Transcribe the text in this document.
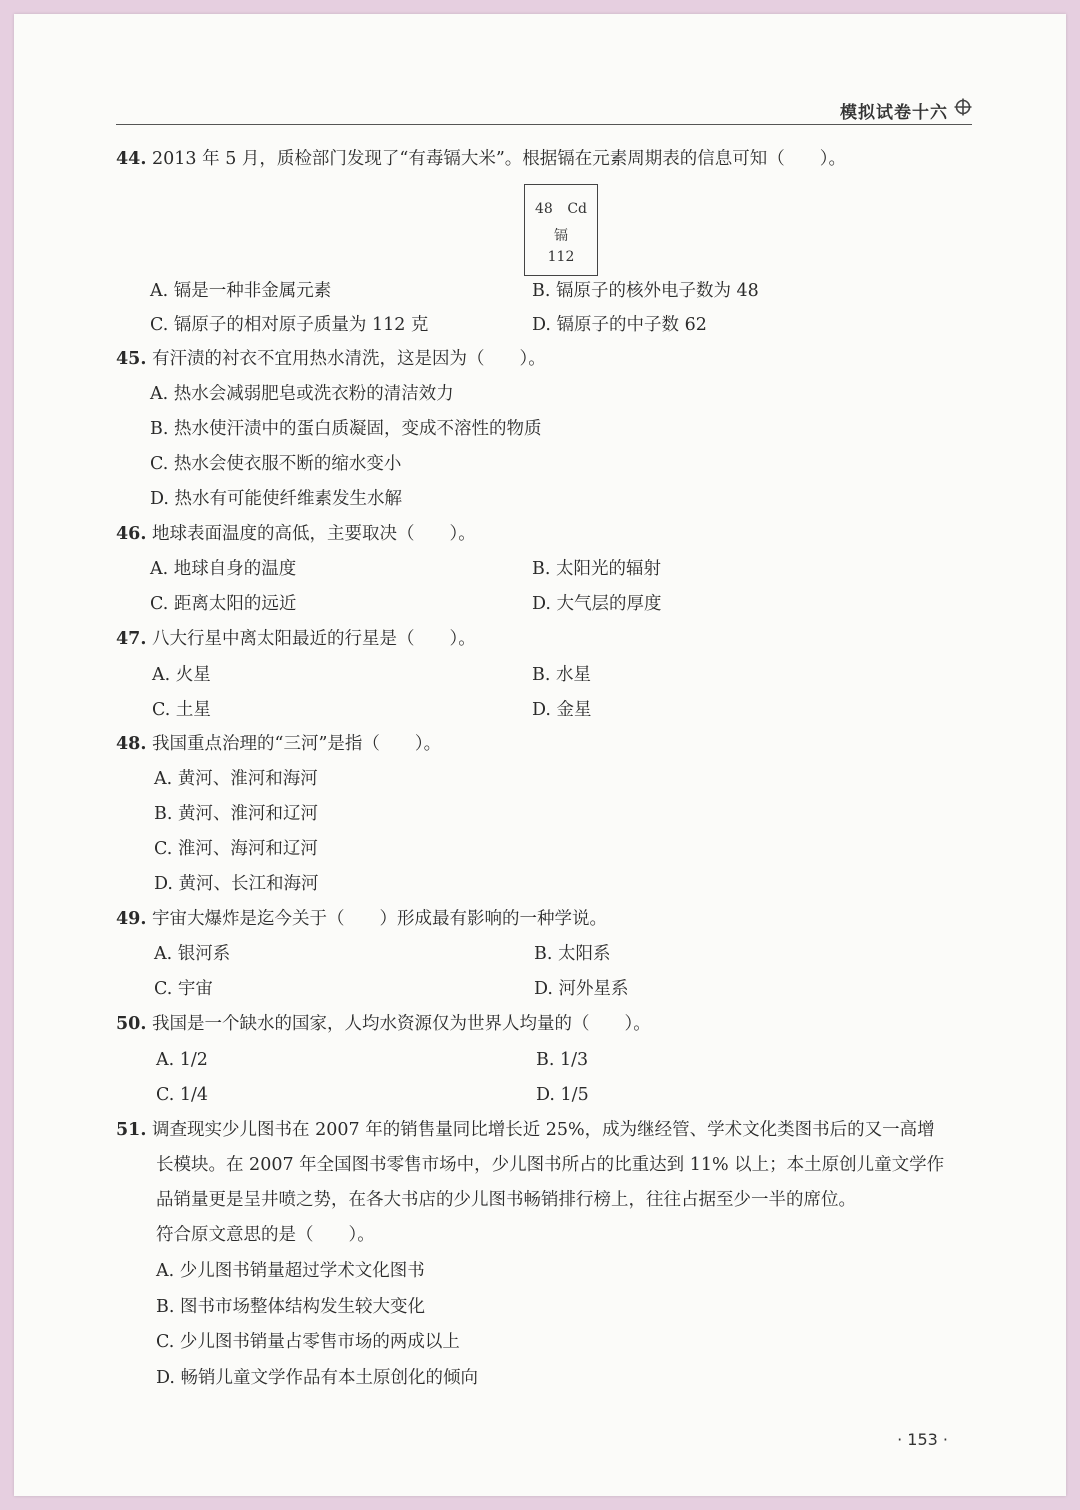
模拟试卷十六
44. 2013 年 5 月，质检部门发现了“有毒镉大米”。根据镉在元素周期表的信息可知（　　）。
48 Cd
镉
112
A. 镉是一种非金属元素	B. 镉原子的核外电子数为 48
C. 镉原子的相对原子质量为 112 克	D. 镉原子的中子数 62
45. 有汗渍的衬衣不宜用热水清洗，这是因为（　　）。
A. 热水会减弱肥皂或洗衣粉的清洁效力
B. 热水使汗渍中的蛋白质凝固，变成不溶性的物质
C. 热水会使衣服不断的缩水变小
D. 热水有可能使纤维素发生水解
46. 地球表面温度的高低，主要取决（　　）。
A. 地球自身的温度	B. 太阳光的辐射
C. 距离太阳的远近	D. 大气层的厚度
47. 八大行星中离太阳最近的行星是（　　）。
A. 火星	B. 水星
C. 土星	D. 金星
48. 我国重点治理的“三河”是指（　　）。
A. 黄河、淮河和海河
B. 黄河、淮河和辽河
C. 淮河、海河和辽河
D. 黄河、长江和海河
49. 宇宙大爆炸是迄今关于（　　）形成最有影响的一种学说。
A. 银河系	B. 太阳系
C. 宇宙	D. 河外星系
50. 我国是一个缺水的国家，人均水资源仅为世界人均量的（　　）。
A. 1/2	B. 1/3
C. 1/4	D. 1/5
51. 调查现实少儿图书在 2007 年的销售量同比增长近 25%，成为继经管、学术文化类图书后的又一高增
长模块。在 2007 年全国图书零售市场中，少儿图书所占的比重达到 11% 以上；本土原创儿童文学作
品销量更是呈井喷之势，在各大书店的少儿图书畅销排行榜上，往往占据至少一半的席位。
符合原文意思的是（　　）。
A. 少儿图书销量超过学术文化图书
B. 图书市场整体结构发生较大变化
C. 少儿图书销量占零售市场的两成以上
D. 畅销儿童文学作品有本土原创化的倾向
· 153 ·
